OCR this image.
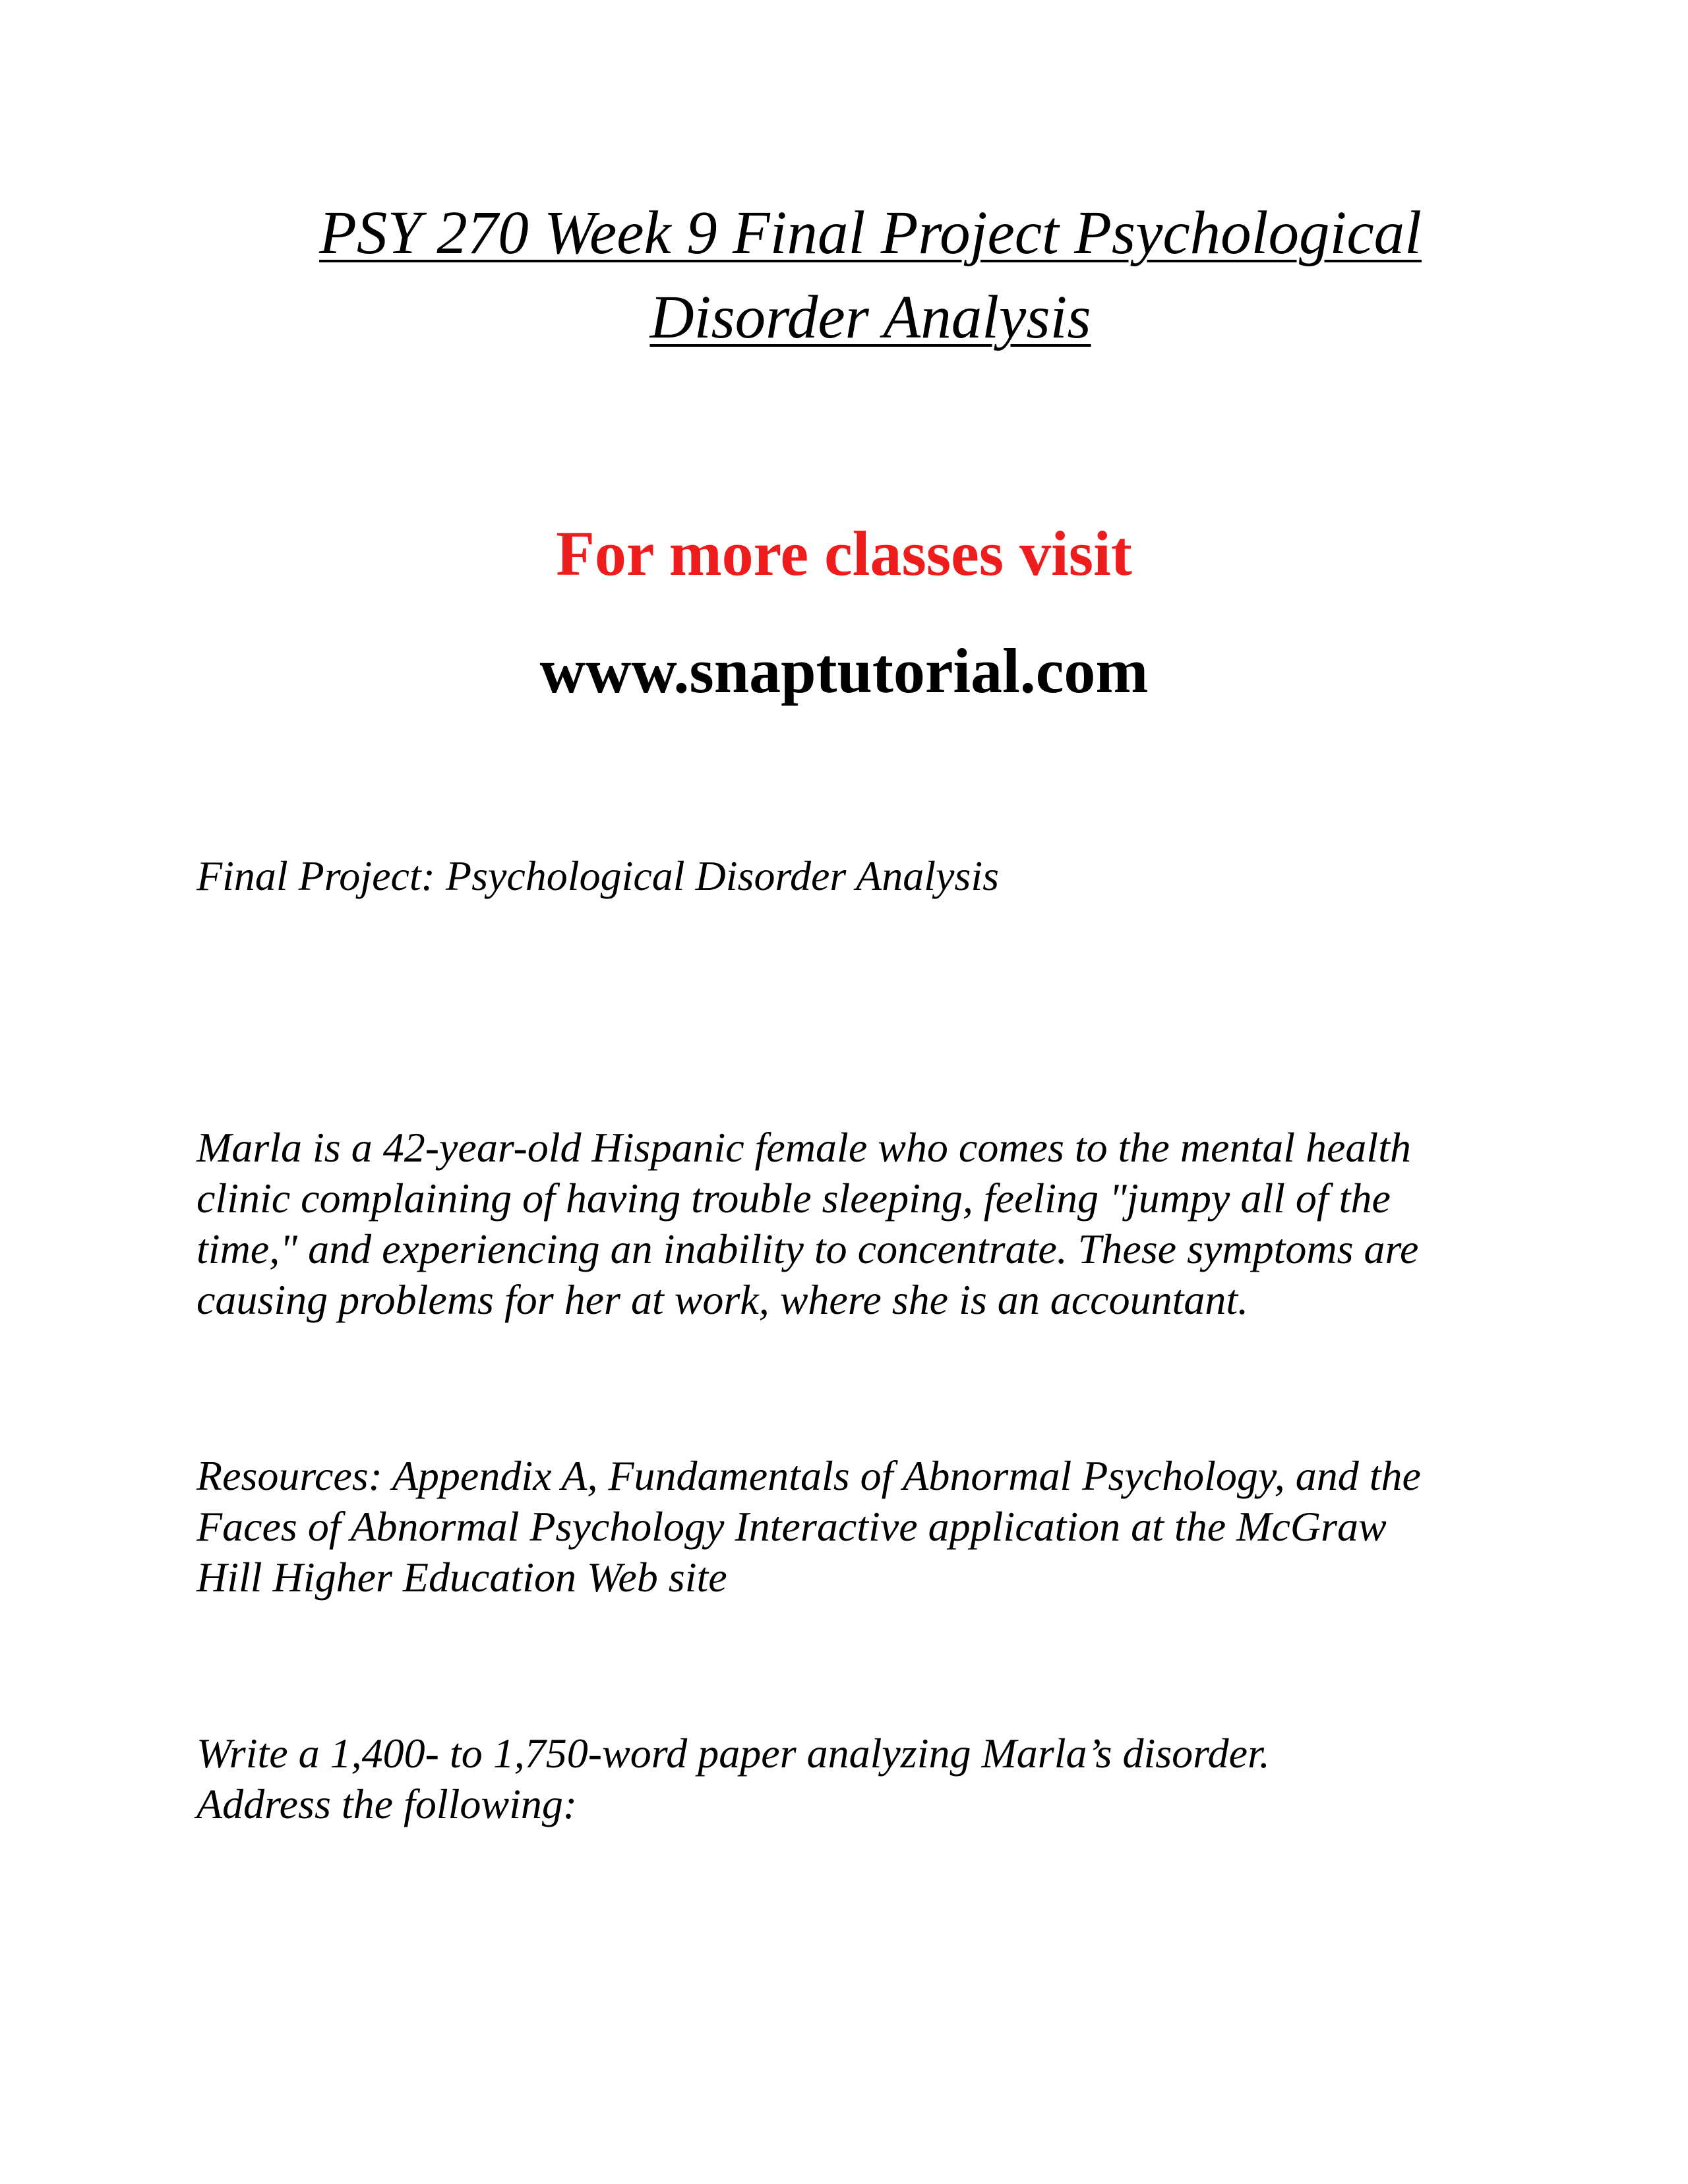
PSY 270 Week 9 Final Project Psychological
Disorder Analysis

For more classes visit

www.snaptutorial.com

Final Project: Psychological Disorder Analysis

Marla is a 42-year-old Hispanic female who comes to the mental health
clinic complaining of having trouble sleeping, feeling "jumpy all of the
time," and experiencing an inability to concentrate. These symptoms are
causing problems for her at work, where she is an accountant.

Resources: Appendix A, Fundamentals of Abnormal Psychology, and the
Faces of Abnormal Psychology Interactive application at the McGraw
Hill Higher Education Web site

Write a 1,400- to 1,750-word paper analyzing Marla’s disorder.
Address the following:
